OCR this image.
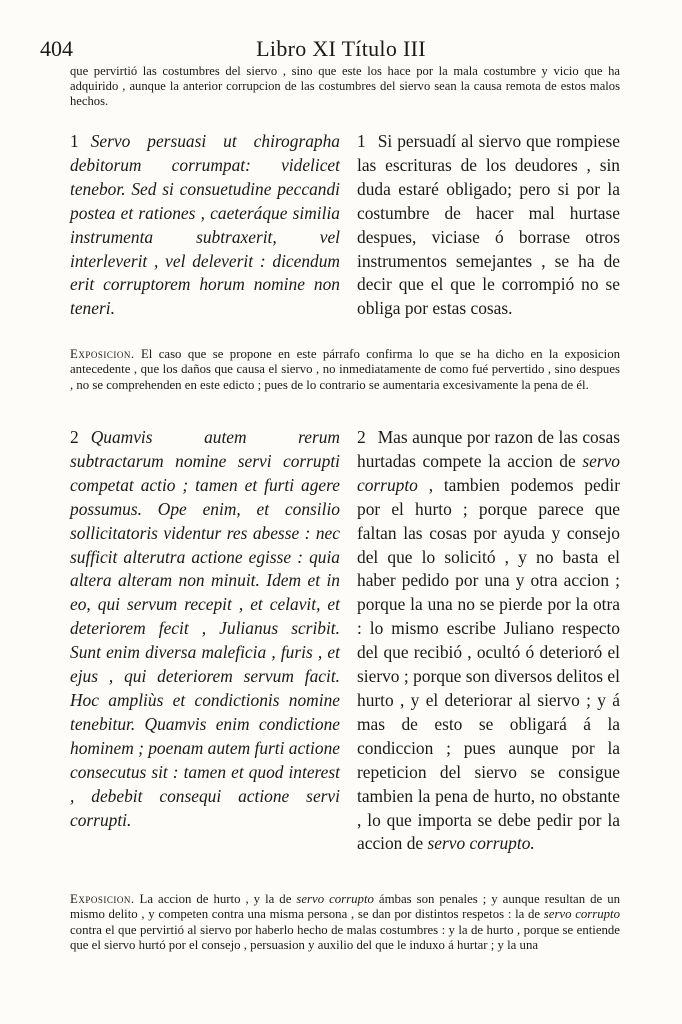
404	Libro XI Título III
que pervirtió las costumbres del siervo , sino que este los hace por la mala costumbre y vicio que ha adquirido , aunque la anterior corrupcion de las costumbres del siervo sean la causa remota de estos malos hechos.
1 Servo persuasi ut chirographa debitorum corrumpat: videlicet tenebor. Sed si consuetudine peccandi postea et rationes , caeteráque similia instrumenta subtraxerit, vel interleverit , vel deleverit : dicendum erit corruptorem horum nomine non teneri.
1 Si persuadí al siervo que rompiese las escrituras de los deudores , sin duda estaré obligado; pero si por la costumbre de hacer mal hurtase despues, viciase ó borrase otros instrumentos semejantes , se ha de decir que el que le corrompió no se obliga por estas cosas.
Exposicion. El caso que se propone en este párrafo confirma lo que se ha dicho en la exposicion antecedente , que los daños que causa el siervo , no inmediatamente de como fué pervertido , sino despues , no se comprehenden en este edicto ; pues de lo contrario se aumentaria excesivamente la pena de él.
2 Quamvis autem rerum subtractarum nomine servi corrupti competat actio ; tamen et furti agere possumus. Ope enim, et consilio sollicitatoris videntur res abesse : nec sufficit alterutra actione egisse : quia altera alteram non minuit. Idem et in eo, qui servum recepit , et celavit, et deteriorem fecit , Julianus scribit. Sunt enim diversa maleficia , furis , et ejus , qui deteriorem servum facit. Hoc ampliùs et condictionis nomine tenebitur. Quamvis enim condictione hominem ; poenam autem furti actione consecutus sit : tamen et quod interest , debebit consequi actione servi corrupti.
2 Mas aunque por razon de las cosas hurtadas compete la accion de servo corrupto , tambien podemos pedir por el hurto ; porque parece que faltan las cosas por ayuda y consejo del que lo solicitó , y no basta el haber pedido por una y otra accion ; porque la una no se pierde por la otra : lo mismo escribe Juliano respecto del que recibió , ocultó ó deterioró el siervo ; porque son diversos delitos el hurto , y el deteriorar al siervo ; y á mas de esto se obligará á la condiccion ; pues aunque por la repeticion del siervo se consigue tambien la pena de hurto, no obstante , lo que importa se debe pedir por la accion de servo corrupto.
Exposicion. La accion de hurto , y la de servo corrupto ámbas son penales ; y aunque resultan de un mismo delito , y competen contra una misma persona , se dan por distintos respetos : la de servo corrupto contra el que pervirtió al siervo por haberlo hecho de malas costumbres : y la de hurto , porque se entiende que el siervo hurtó por el consejo , persuasion y auxilio del que le induxo á hurtar ; y la una
